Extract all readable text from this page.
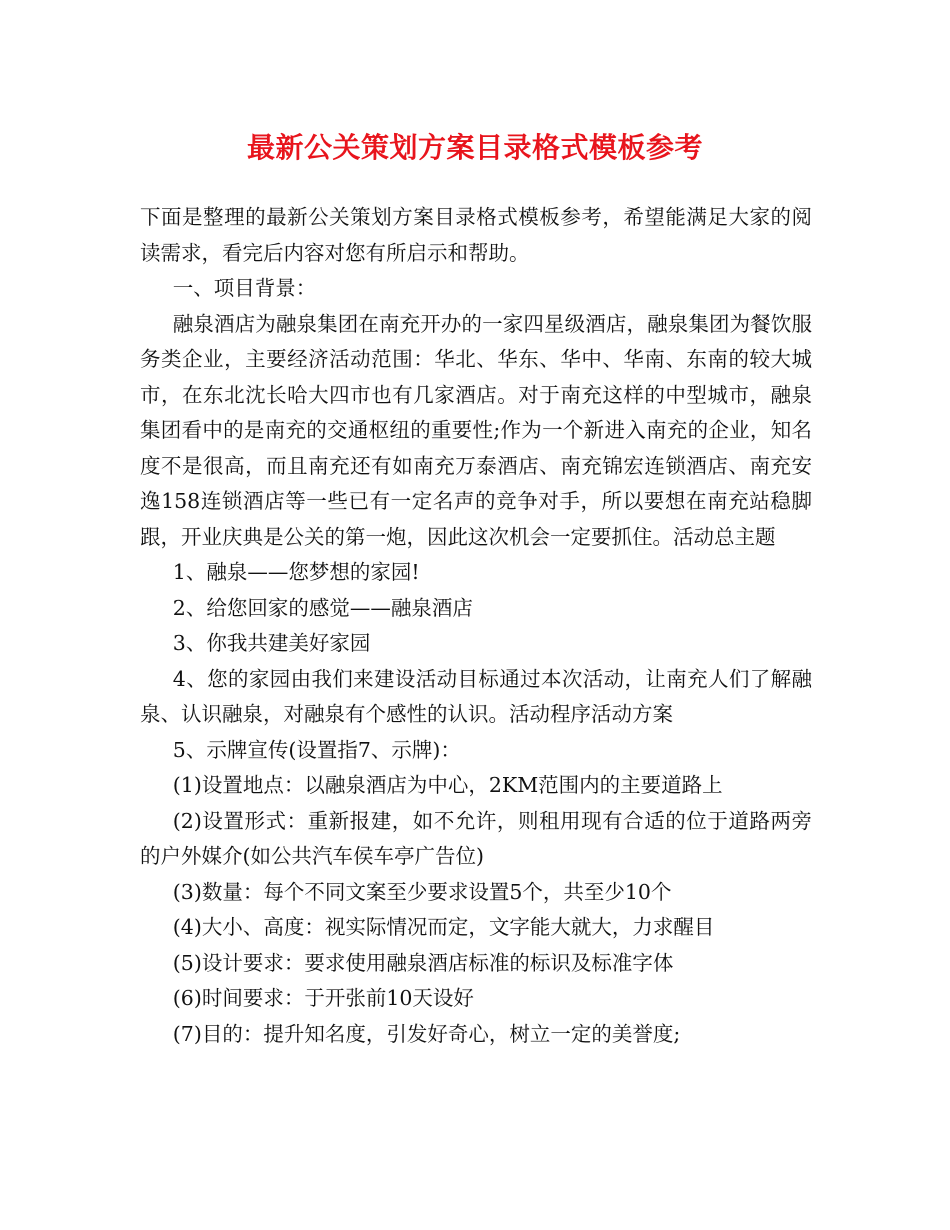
最新公关策划方案目录格式模板参考

下面是整理的最新公关策划方案目录格式模板参考，希望能满足大家的阅读需求，看完后内容对您有所启示和帮助。

一、项目背景：

融泉酒店为融泉集团在南充开办的一家四星级酒店，融泉集团为餐饮服务类企业，主要经济活动范围：华北、华东、华中、华南、东南的较大城市，在东北沈长哈大四市也有几家酒店。对于南充这样的中型城市，融泉集团看中的是南充的交通枢纽的重要性;作为一个新进入南充的企业，知名度不是很高，而且南充还有如南充万泰酒店、南充锦宏连锁酒店、南充安逸158连锁酒店等一些已有一定名声的竞争对手，所以要想在南充站稳脚跟，开业庆典是公关的第一炮，因此这次机会一定要抓住。活动总主题

1、融泉——您梦想的家园!

2、给您回家的感觉——融泉酒店

3、你我共建美好家园

4、您的家园由我们来建设活动目标通过本次活动，让南充人们了解融泉、认识融泉，对融泉有个感性的认识。活动程序活动方案

5、示牌宣传(设置指7、示牌)：

(1)设置地点：以融泉酒店为中心，2KM范围内的主要道路上

(2)设置形式：重新报建，如不允许，则租用现有合适的位于道路两旁的户外媒介(如公共汽车侯车亭广告位)

(3)数量：每个不同文案至少要求设置5个，共至少10个

(4)大小、高度：视实际情况而定，文字能大就大，力求醒目

(5)设计要求：要求使用融泉酒店标准的标识及标准字体

(6)时间要求：于开张前10天设好

(7)目的：提升知名度，引发好奇心，树立一定的美誉度;
